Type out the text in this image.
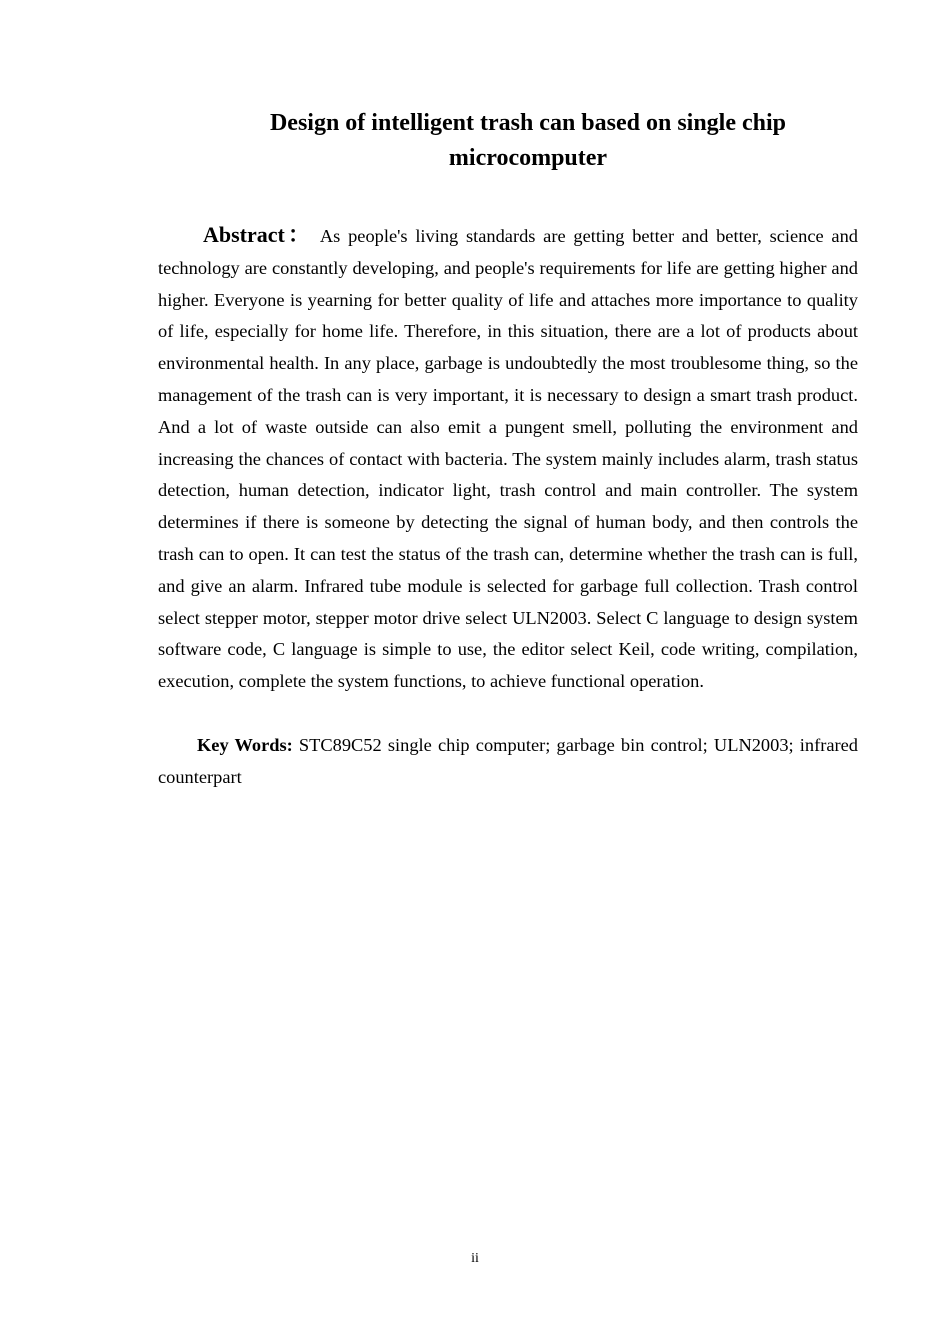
Design of intelligent trash can based on single chip
microcomputer

Abstract： As people's living standards are getting better and better, science and technology are constantly developing, and people's requirements for life are getting higher and higher. Everyone is yearning for better quality of life and attaches more importance to quality of life, especially for home life. Therefore, in this situation, there are a lot of products about environmental health. In any place, garbage is undoubtedly the most troublesome thing, so the management of the trash can is very important, it is necessary to design a smart trash product. And a lot of waste outside can also emit a pungent smell, polluting the environment and increasing the chances of contact with bacteria. The system mainly includes alarm, trash status detection, human detection, indicator light, trash control and main controller. The system determines if there is someone by detecting the signal of human body, and then controls the trash can to open. It can test the status of the trash can, determine whether the trash can is full, and give an alarm. Infrared tube module is selected for garbage full collection. Trash control select stepper motor, stepper motor drive select ULN2003. Select C language to design system software code, C language is simple to use, the editor select Keil, code writing, compilation, execution, complete the system functions, to achieve functional operation.

Key Words: STC89C52 single chip computer; garbage bin control; ULN2003; infrared counterpart

ii
